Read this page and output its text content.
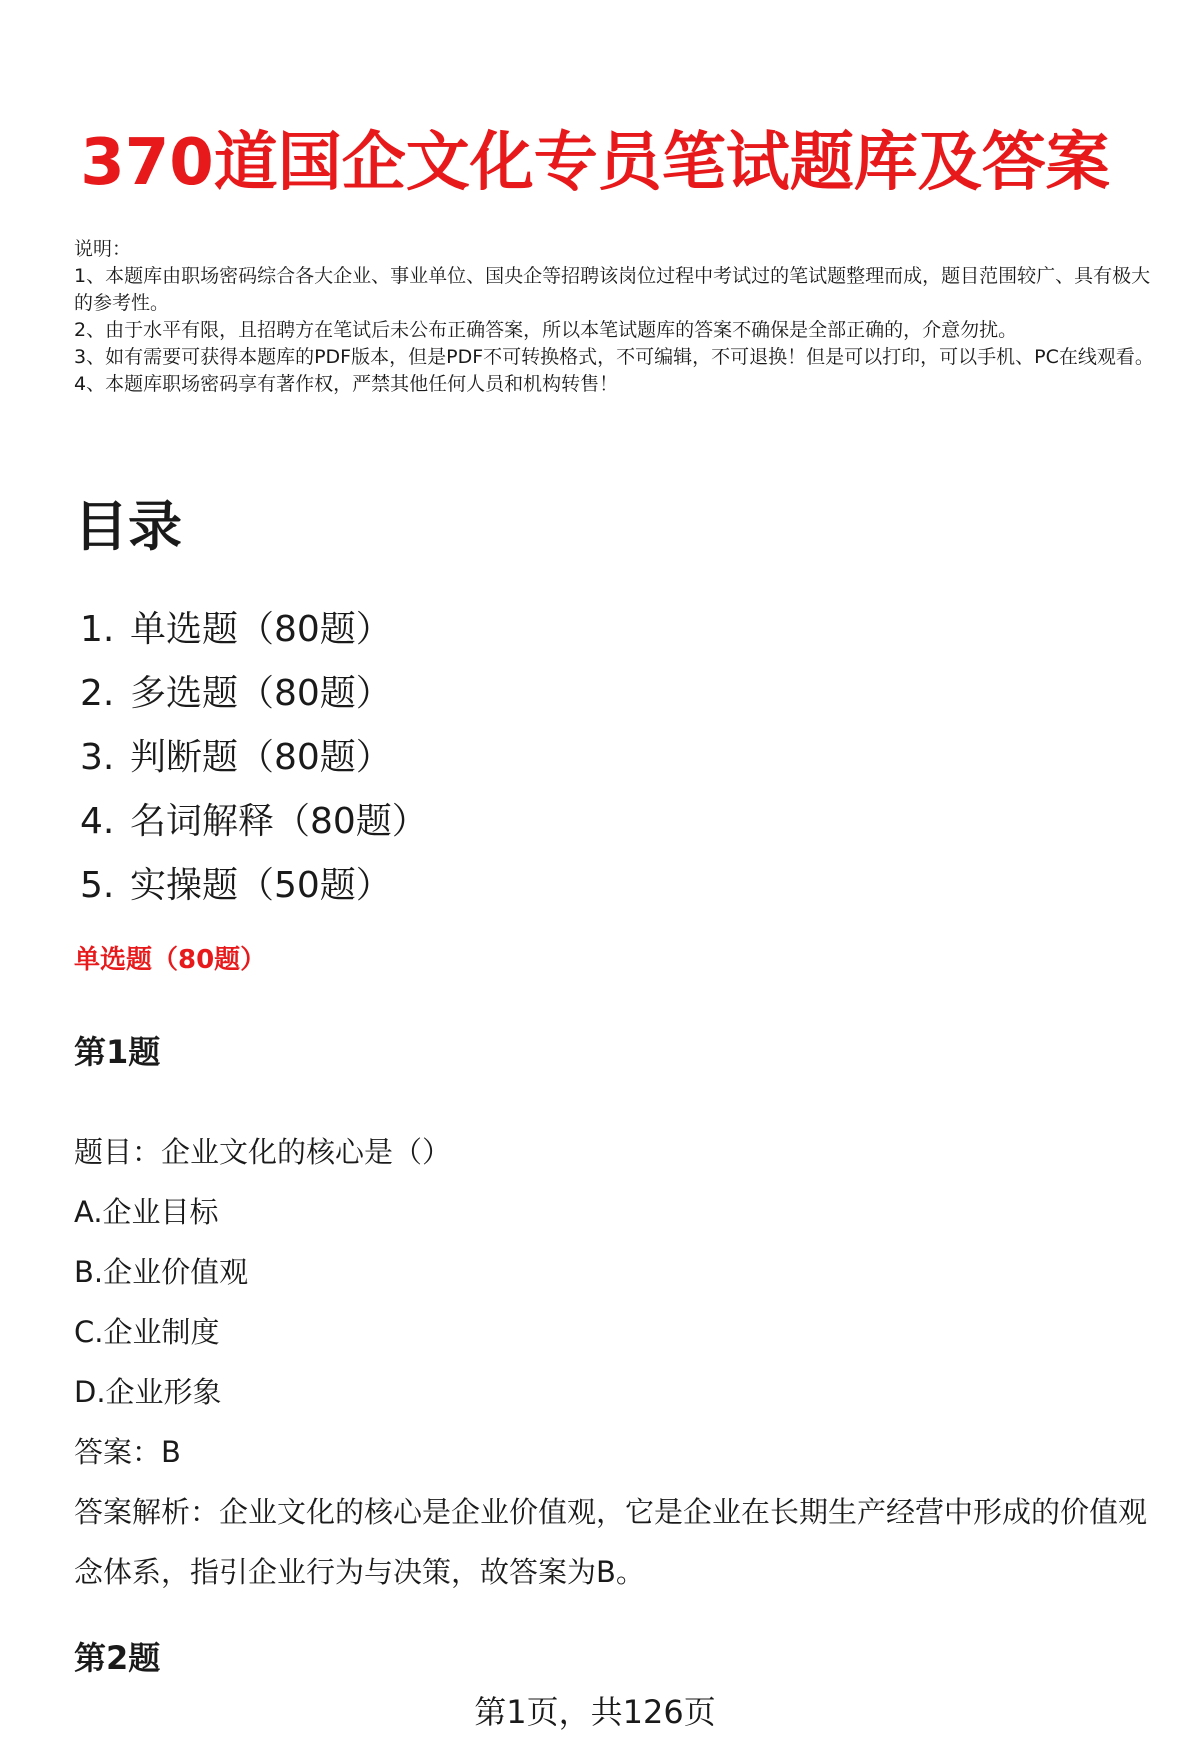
370道国企文化专员笔试题库及答案
说明：
1、本题库由职场密码综合各大企业、事业单位、国央企等招聘该岗位过程中考试过的笔试题整理而成，题目范围较广、具有极大的参考性。
2、由于水平有限，且招聘方在笔试后未公布正确答案，所以本笔试题库的答案不确保是全部正确的，介意勿扰。
3、如有需要可获得本题库的PDF版本，但是PDF不可转换格式，不可编辑，不可退换！但是可以打印，可以手机、PC在线观看。
4、本题库职场密码享有著作权，严禁其他任何人员和机构转售！
目录
1. 单选题（80题）
2. 多选题（80题）
3. 判断题（80题）
4. 名词解释（80题）
5. 实操题（50题）
单选题（80题）
第1题
题目：企业文化的核心是（）
A.企业目标
B.企业价值观
C.企业制度
D.企业形象
答案：B
答案解析：企业文化的核心是企业价值观，它是企业在长期生产经营中形成的价值观念体系，指引企业行为与决策，故答案为B。
第2题
第1页，共126页
